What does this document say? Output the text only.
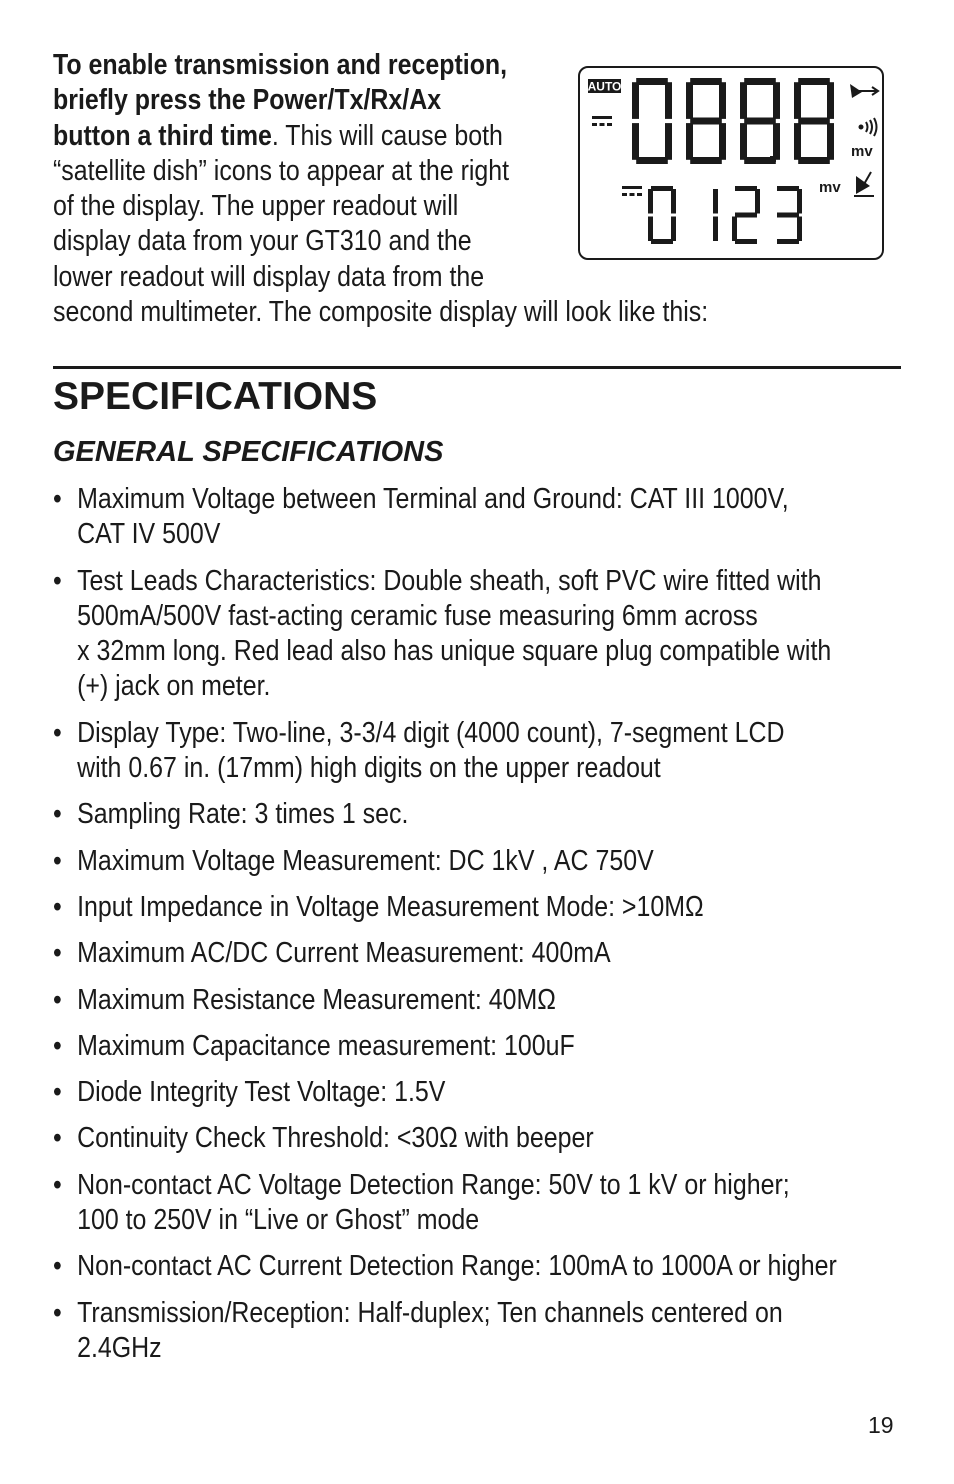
To enable transmission and reception,
briefly press the Power/Tx/Rx/Ax
button a third time. This will cause both
“satellite dish” icons to appear at the right
of the display. The upper readout will
display data from your GT310 and the
lower readout will display data from the
second multimeter. The composite display will look like this:
AUTO
mv
mv
SPECIFICATIONS
GENERAL SPECIFICATIONS
• Maximum Voltage between Terminal and Ground: CAT III 1000V,
CAT IV 500V
• Test Leads Characteristics: Double sheath, soft PVC wire fitted with
500mA/500V fast-acting ceramic fuse measuring 6mm across
x 32mm long. Red lead also has unique square plug compatible with
(+) jack on meter.
• Display Type: Two-line, 3-3/4 digit (4000 count), 7-segment LCD
with 0.67 in. (17mm) high digits on the upper readout
• Sampling Rate: 3 times 1 sec.
• Maximum Voltage Measurement: DC 1kV , AC 750V
• Input Impedance in Voltage Measurement Mode: >10MΩ
• Maximum AC/DC Current Measurement: 400mA
• Maximum Resistance Measurement: 40MΩ
• Maximum Capacitance measurement: 100uF
• Diode Integrity Test Voltage: 1.5V
• Continuity Check Threshold: <30Ω with beeper
• Non-contact AC Voltage Detection Range: 50V to 1 kV or higher;
100 to 250V in “Live or Ghost” mode
• Non-contact AC Current Detection Range: 100mA to 1000A or higher
• Transmission/Reception: Half-duplex; Ten channels centered on
2.4GHz
19
